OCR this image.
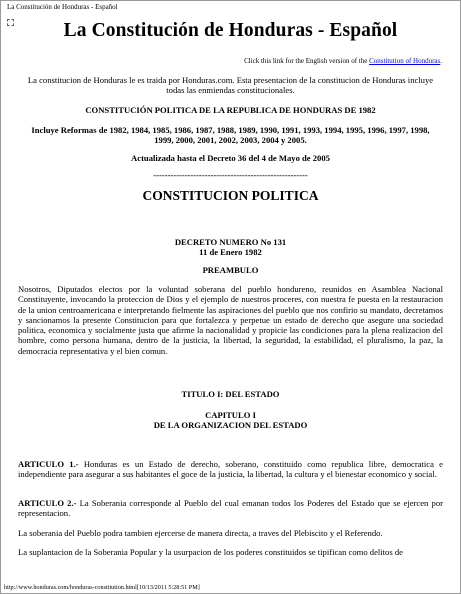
La Constitución de Honduras - Español
La Constitución de Honduras - Español
Click this link for the English version of the Constitution of Honduras.
La constitucion de Honduras le es traida por Honduras.com. Esta presentacion de la constitucion de Honduras incluye todas las enmiendas constitucionales.
CONSTITUCIÓN POLITICA DE LA REPUBLICA DE HONDURAS DE 1982
Incluye Reformas de 1982, 1984, 1985, 1986, 1987, 1988, 1989, 1990, 1991, 1993, 1994, 1995, 1996, 1997, 1998, 1999, 2000, 2001, 2002, 2003, 2004 y 2005.
Actualizada hasta el Decreto 36 del 4 de Mayo de 2005
------------------------------------------------------
CONSTITUCION POLITICA
DECRETO NUMERO No 131
11 de Enero 1982
PREAMBULO
Nosotros, Diputados electos por la voluntad soberana del pueblo hondureno, reunidos en Asamblea Nacional Constituyente, invocando la proteccion de Dios y el ejemplo de nuestros proceres, con nuestra fe puesta en la restauracion de la union centroamericana e interpretando fielmente las aspiraciones del pueblo que nos confirio su mandato, decretamos y sancionamos la presente Constitucion para que fortalezca y perpetue un estado de derecho que asegure una sociedad politica, economica y socialmente justa que afirme la nacionalidad y propicie las condiciones para la plena realizacion del hombre, como persona humana, dentro de la justicia, la libertad, la seguridad, la estabilidad, el pluralismo, la paz, la democracia representativa y el bien comun.
TITULO I: DEL ESTADO
CAPITULO I
DE LA ORGANIZACION DEL ESTADO
ARTICULO 1.- Honduras es un Estado de derecho, soberano, constituido como republica libre, democratica e independiente para asegurar a sus habitantes el goce de la justicia, la libertad, la cultura y el bienestar economico y social.
ARTICULO 2.- La Soberania corresponde al Pueblo del cual emanan todos los Poderes del Estado que se ejercen por representacion.
La soberania del Pueblo podra tambien ejercerse de manera directa, a traves del Plebiscito y el Referendo.
La suplantacion de la Soberania Popular y la usurpacion de los poderes constituidos se tipifican como delitos de
http://www.honduras.com/honduras-constitution.html[10/13/2011 5:28:51 PM]
